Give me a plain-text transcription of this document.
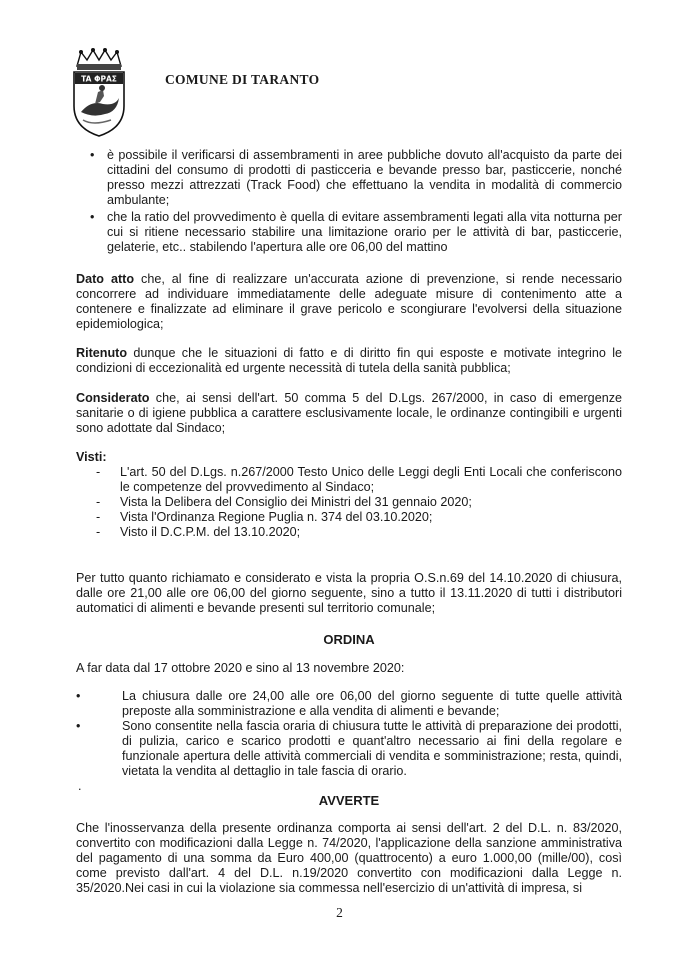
TA ΦΡΑΣ	COMUNE DI TARANTO
• è possibile il verificarsi di assembramenti in aree pubbliche dovuto all'acquisto da parte dei cittadini del consumo di prodotti di pasticceria e bevande presso bar, pasticcerie, nonché presso mezzi attrezzati (Track Food) che effettuano la vendita in modalità di commercio ambulante;
• che la ratio del provvedimento è quella di evitare assembramenti legati alla vita notturna per cui si ritiene necessario stabilire una limitazione orario per le attività di bar, pasticcerie, gelaterie, etc.. stabilendo l'apertura alle ore 06,00 del mattino

Dato atto che, al fine di realizzare un'accurata azione di prevenzione, si rende necessario concorrere ad individuare immediatamente delle adeguate misure di contenimento atte a contenere e finalizzate ad eliminare il grave pericolo e scongiurare l'evolversi della situazione epidemiologica;

Ritenuto dunque che le situazioni di fatto e di diritto fin qui esposte e motivate integrino le condizioni di eccezionalità ed urgente necessità di tutela della sanità pubblica;

Considerato che, ai sensi dell'art. 50 comma 5 del D.Lgs. 267/2000, in caso di emergenze sanitarie o di igiene pubblica a carattere esclusivamente locale, le ordinanze contingibili e urgenti sono adottate dal Sindaco;

Visti:
- L'art. 50 del D.Lgs. n.267/2000 Testo Unico delle Leggi degli Enti Locali che conferiscono le competenze del provvedimento al Sindaco;
- Vista la Delibera del Consiglio dei Ministri del 31 gennaio 2020;
- Vista l'Ordinanza Regione Puglia n. 374 del 03.10.2020;
- Visto il D.C.P.M. del 13.10.2020;

Per tutto quanto richiamato e considerato e vista la propria O.S.n.69 del 14.10.2020 di chiusura, dalle ore 21,00 alle ore 06,00 del giorno seguente, sino a tutto il 13.11.2020 di tutti i distributori automatici di alimenti e bevande presenti sul territorio comunale;

ORDINA

A far data dal 17 ottobre 2020 e sino al 13 novembre 2020:

•	La chiusura dalle ore 24,00 alle ore 06,00 del giorno seguente di tutte quelle attività preposte alla somministrazione e alla vendita di alimenti e bevande;
•	Sono consentite nella fascia oraria di chiusura tutte le attività di preparazione dei prodotti, di pulizia, carico e scarico prodotti e quant'altro necessario ai fini della regolare e funzionale apertura delle attività commerciali di vendita e somministrazione; resta, quindi, vietata la vendita al dettaglio in tale fascia di orario.
.
AVVERTE

Che l'inosservanza della presente ordinanza comporta ai sensi dell'art. 2 del D.L. n. 83/2020, convertito con modificazioni dalla Legge n. 74/2020, l'applicazione della sanzione amministrativa del pagamento di una somma da Euro 400,00 (quattrocento) a euro 1.000,00 (mille/00), così come previsto dall'art. 4 del D.L. n.19/2020 convertito con modificazioni dalla Legge n. 35/2020.Nei casi in cui la violazione sia commessa nell'esercizio di un'attività di impresa, si

2
